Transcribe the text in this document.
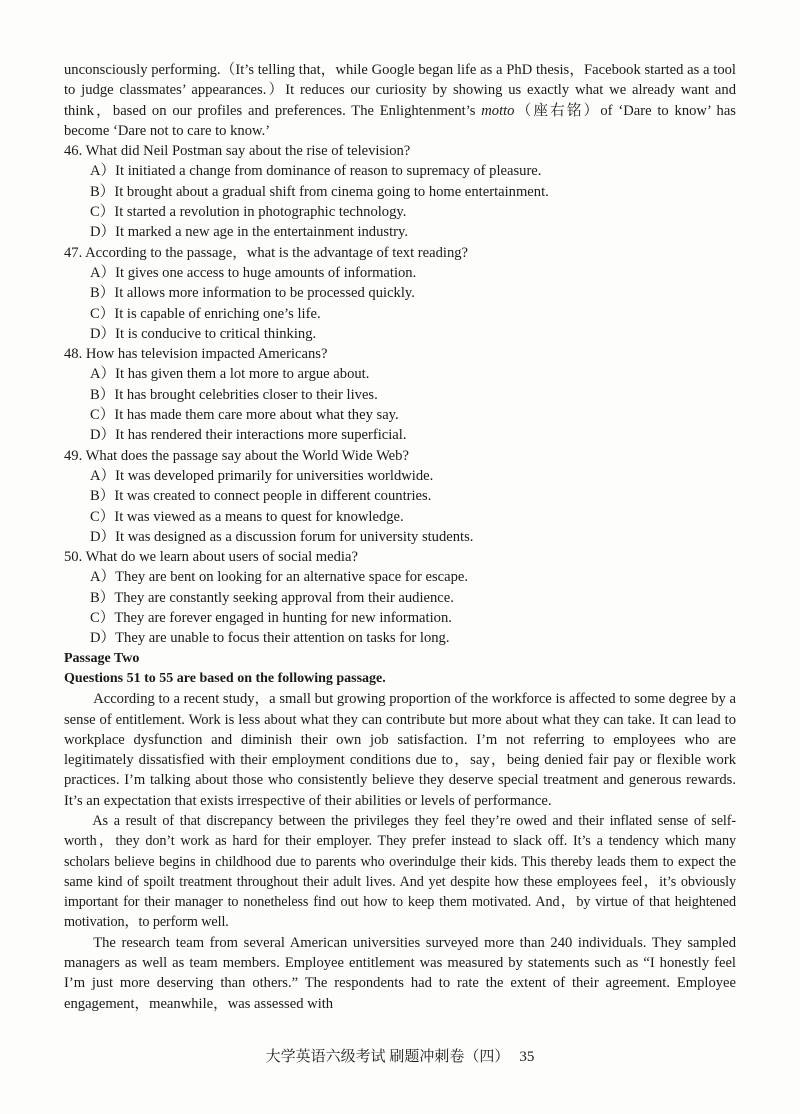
unconsciously performing.（It’s telling that，while Google began life as a PhD thesis，Facebook started as a tool to judge classmates’ appearances.）It reduces our curiosity by showing us exactly what we already want and think，based on our profiles and preferences. The Enlightenment’s motto（座右铭）of ‘Dare to know’ has become ‘Dare not to care to know.’

46. What did Neil Postman say about the rise of television?

A）It initiated a change from dominance of reason to supremacy of pleasure.

B）It brought about a gradual shift from cinema going to home entertainment.

C）It started a revolution in photographic technology.

D）It marked a new age in the entertainment industry.

47. According to the passage，what is the advantage of text reading?

A）It gives one access to huge amounts of information.

B）It allows more information to be processed quickly.

C）It is capable of enriching one’s life.

D）It is conducive to critical thinking.

48. How has television impacted Americans?

A）It has given them a lot more to argue about.

B）It has brought celebrities closer to their lives.

C）It has made them care more about what they say.

D）It has rendered their interactions more superficial.

49. What does the passage say about the World Wide Web?

A）It was developed primarily for universities worldwide.

B）It was created to connect people in different countries.

C）It was viewed as a means to quest for knowledge.

D）It was designed as a discussion forum for university students.

50. What do we learn about users of social media?

A）They are bent on looking for an alternative space for escape.

B）They are constantly seeking approval from their audience.

C）They are forever engaged in hunting for new information.

D）They are unable to focus their attention on tasks for long.

Passage Two

Questions 51 to 55 are based on the following passage.

According to a recent study，a small but growing proportion of the workforce is affected to some degree by a sense of entitlement. Work is less about what they can contribute but more about what they can take. It can lead to workplace dysfunction and diminish their own job satisfaction. I’m not referring to employees who are legitimately dissatisfied with their employment conditions due to，say，being denied fair pay or flexible work practices. I’m talking about those who consistently believe they deserve special treatment and generous rewards. It’s an expectation that exists irrespective of their abilities or levels of performance.

As a result of that discrepancy between the privileges they feel they’re owed and their inflated sense of self-worth，they don’t work as hard for their employer. They prefer instead to slack off. It’s a tendency which many scholars believe begins in childhood due to parents who overindulge their kids. This thereby leads them to expect the same kind of spoilt treatment throughout their adult lives. And yet despite how these employees feel，it’s obviously important for their manager to nonetheless find out how to keep them motivated. And，by virtue of that heightened motivation，to perform well.

The research team from several American universities surveyed more than 240 individuals. They sampled managers as well as team members. Employee entitlement was measured by statements such as “I honestly feel I’m just more deserving than others.” The respondents had to rate the extent of their agreement. Employee engagement，meanwhile，was assessed with

大学英语六级考试 刷题冲刺卷（四） 35
